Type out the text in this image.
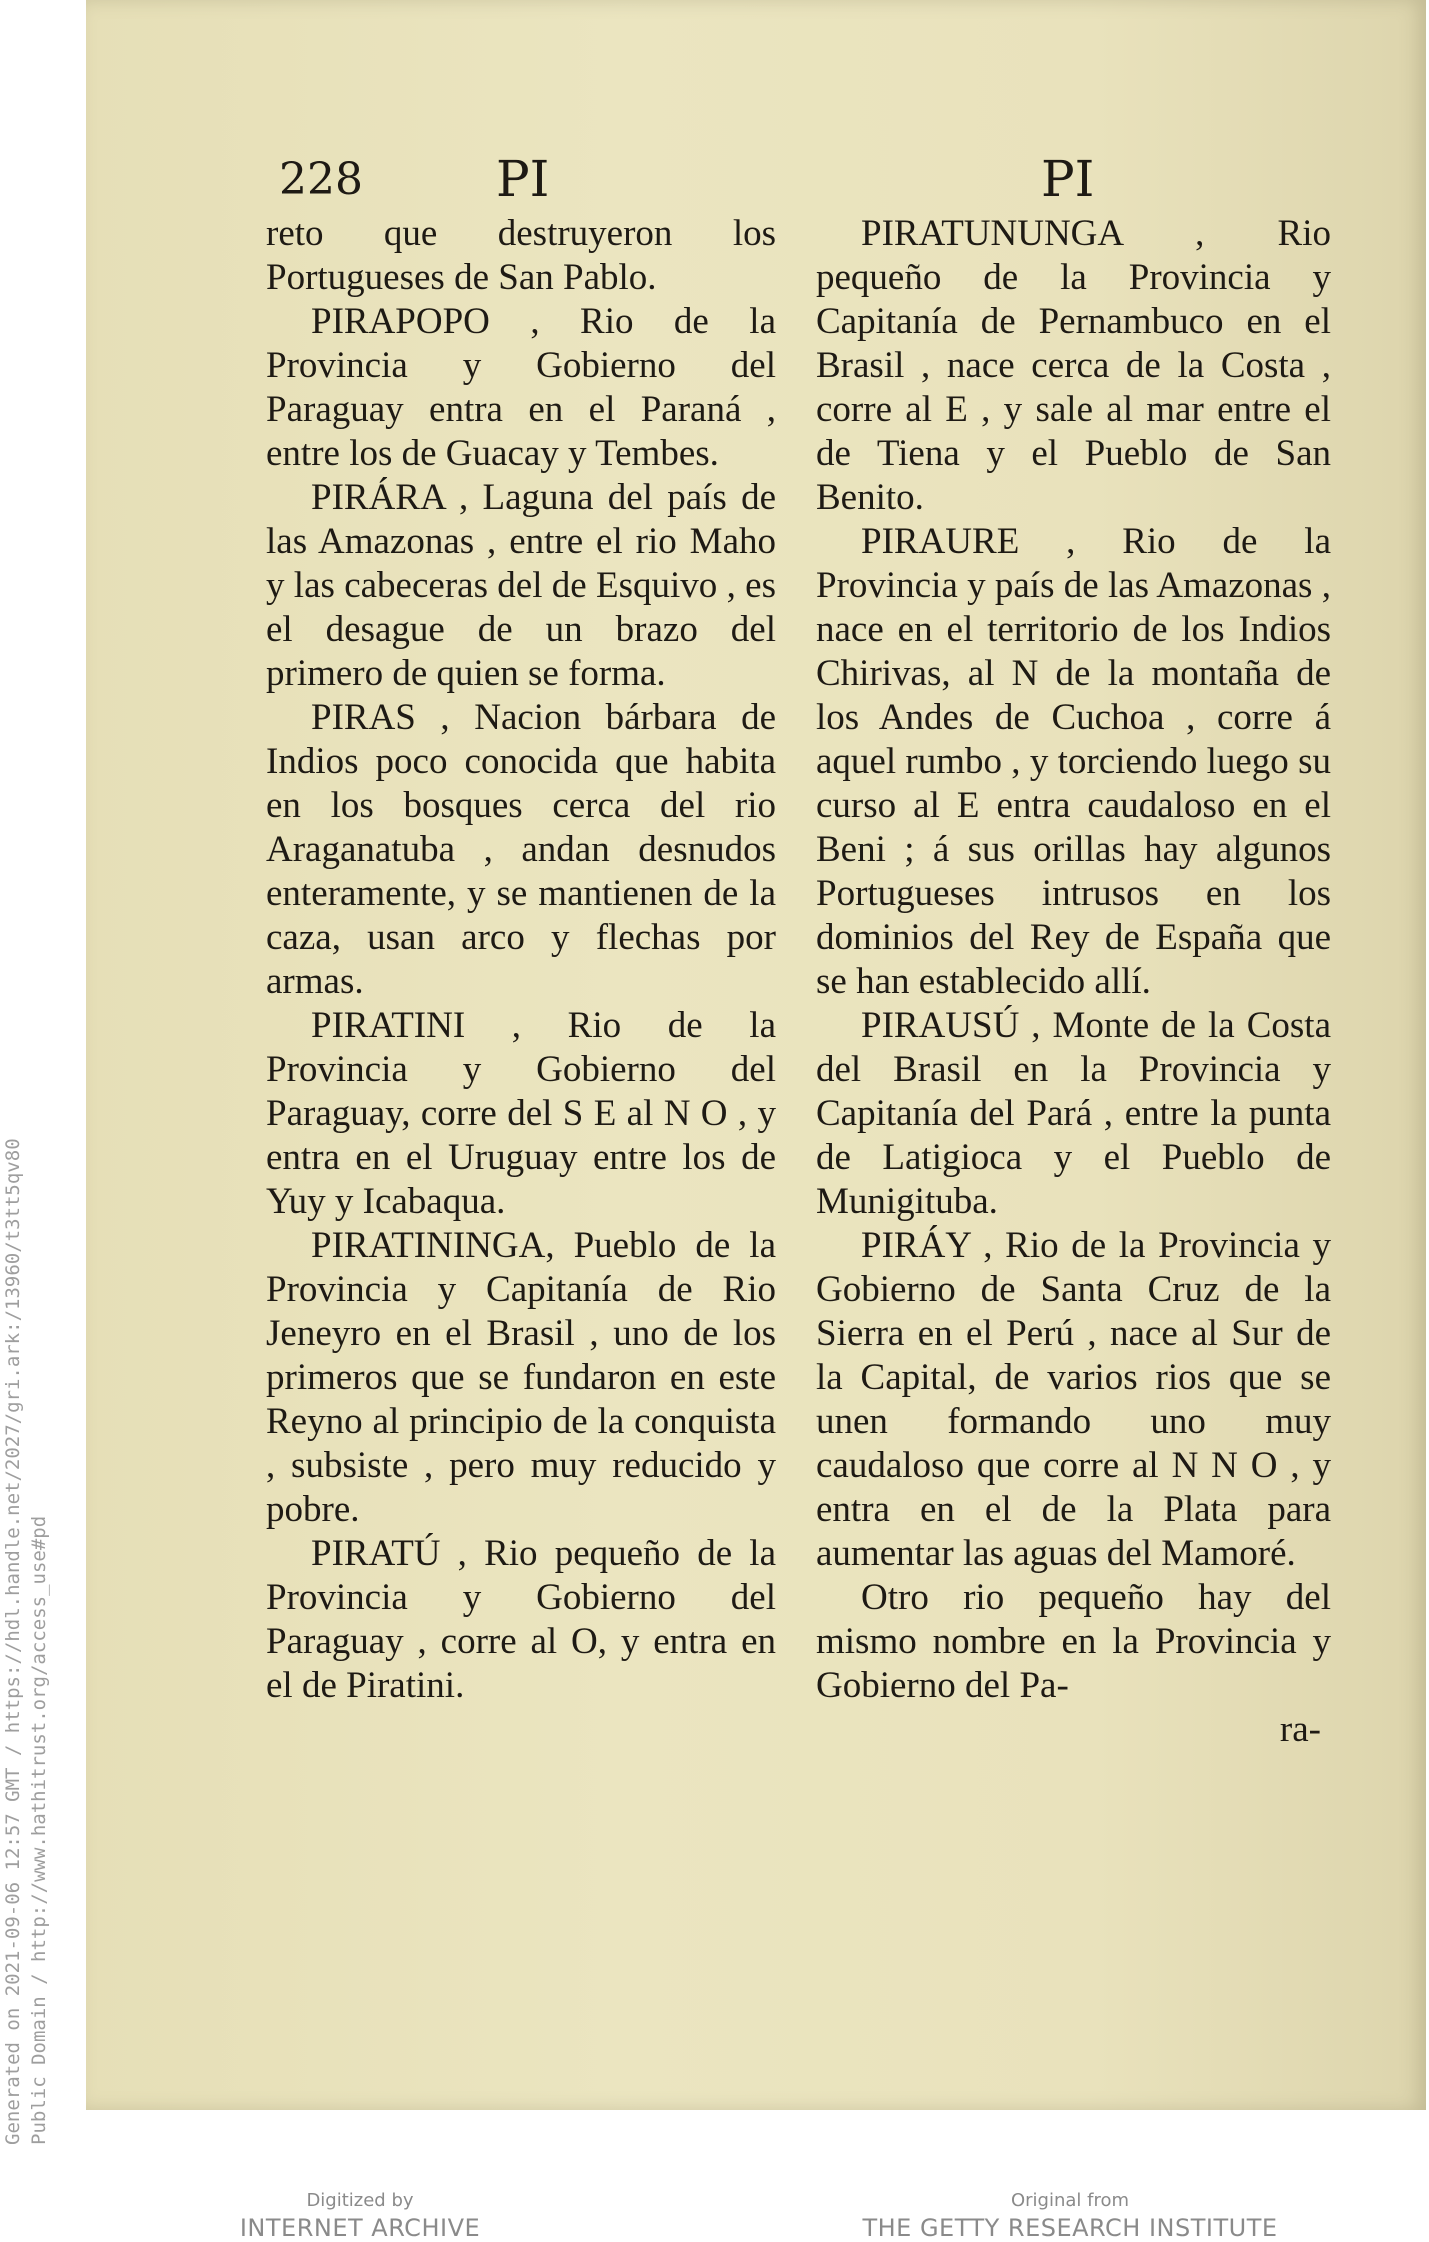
Generated on 2021-09-06 12:57 GMT / https://hdl.handle.net/2027/gri.ark:/13960/t3tt5qv80 Public Domain / http://www.hathitrust.org/access_use#pd
228	PI	PI

reto que destruyeron los Portugueses de San Pablo.

PIRAPOPO , Rio de la Provincia y Gobierno del Paraguay entra en el Paraná , entre los de Guacay y Tembes.

PIRÁRA , Laguna del país de las Amazonas , entre el rio Maho y las cabeceras del de Esquivo , es el desague de un brazo del primero de quien se forma.

PIRAS , Nacion bárbara de Indios poco conocida que habita en los bosques cerca del rio Araganatuba , andan desnudos enteramente, y se mantienen de la caza, usan arco y flechas por armas.

PIRATINI , Rio de la Provincia y Gobierno del Paraguay, corre del S E al N O , y entra en el Uruguay entre los de Yuy y Icabaqua.

PIRATININGA, Pueblo de la Provincia y Capitanía de Rio Jeneyro en el Brasil , uno de los primeros que se fundaron en este Reyno al principio de la conquista , subsiste , pero muy reducido y pobre.

PIRATÚ , Rio pequeño de la Provincia y Gobierno del Paraguay , corre al O, y entra en el de Piratini.

PIRATUNUNGA , Rio pequeño de la Provincia y Capitanía de Pernambuco en el Brasil , nace cerca de la Costa , corre al E , y sale al mar entre el de Tiena y el Pueblo de San Benito.

PIRAURE , Rio de la Provincia y país de las Amazonas , nace en el territorio de los Indios Chirivas, al N de la montaña de los Andes de Cuchoa , corre á aquel rumbo , y torciendo luego su curso al E entra caudaloso en el Beni ; á sus orillas hay algunos Portugueses intrusos en los dominios del Rey de España que se han establecido allí.

PIRAUSÚ , Monte de la Costa del Brasil en la Provincia y Capitanía del Pará , entre la punta de Latigioca y el Pueblo de Munigituba.

PIRÁY , Rio de la Provincia y Gobierno de Santa Cruz de la Sierra en el Perú , nace al Sur de la Capital, de varios rios que se unen formando uno muy caudaloso que corre al N N O , y entra en el de la Plata para aumentar las aguas del Mamoré.

Otro rio pequeño hay del mismo nombre en la Provincia y Gobierno del Pa-

ra-

Digitized by
INTERNET ARCHIVE
Original from
THE GETTY RESEARCH INSTITUTE
